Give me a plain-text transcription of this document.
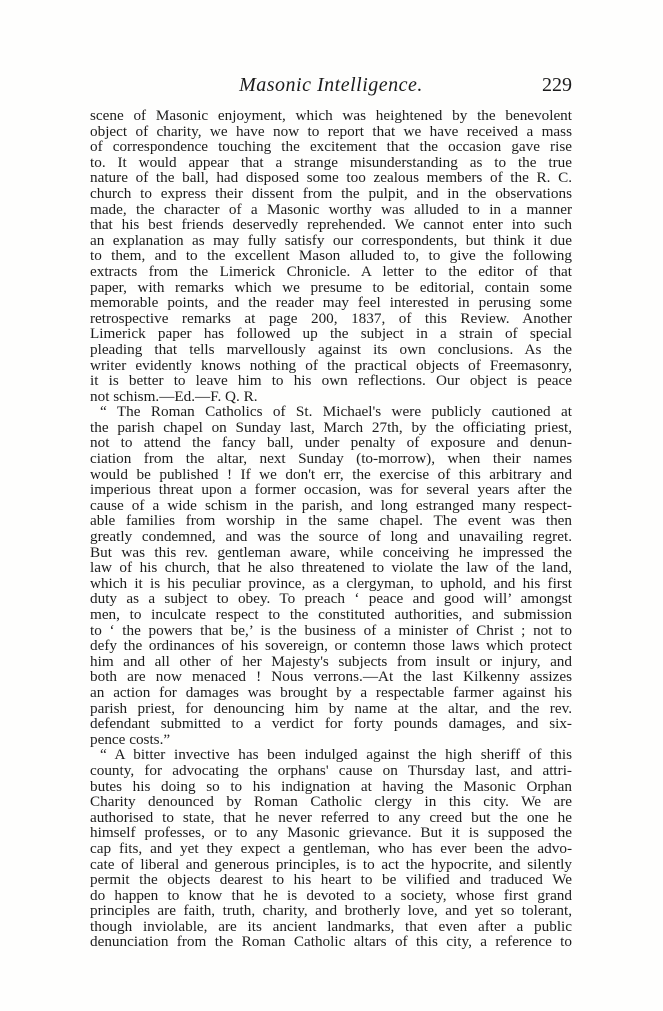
Masonic Intelligence.	229
scene of Masonic enjoyment, which was heightened by the benevolent
object of charity, we have now to report that we have received a mass
of correspondence touching the excitement that the occasion gave rise
to. It would appear that a strange misunderstanding as to the true
nature of the ball, had disposed some too zealous members of the R. C.
church to express their dissent from the pulpit, and in the observations
made, the character of a Masonic worthy was alluded to in a manner
that his best friends deservedly reprehended. We cannot enter into such
an explanation as may fully satisfy our correspondents, but think it due
to them, and to the excellent Mason alluded to, to give the following
extracts from the Limerick Chronicle. A letter to the editor of that
paper, with remarks which we presume to be editorial, contain some
memorable points, and the reader may feel interested in perusing some
retrospective remarks at page 200, 1837, of this Review. Another
Limerick paper has followed up the subject in a strain of special
pleading that tells marvellously against its own conclusions. As the
writer evidently knows nothing of the practical objects of Freemasonry,
it is better to leave him to his own reflections. Our object is peace
not schism.—Ed.—F. Q. R.
“ The Roman Catholics of St. Michael's were publicly cautioned at
the parish chapel on Sunday last, March 27th, by the officiating priest,
not to attend the fancy ball, under penalty of exposure and denun-
ciation from the altar, next Sunday (to-morrow), when their names
would be published ! If we don't err, the exercise of this arbitrary and
imperious threat upon a former occasion, was for several years after the
cause of a wide schism in the parish, and long estranged many respect-
able families from worship in the same chapel. The event was then
greatly condemned, and was the source of long and unavailing regret.
But was this rev. gentleman aware, while conceiving he impressed the
law of his church, that he also threatened to violate the law of the land,
which it is his peculiar province, as a clergyman, to uphold, and his first
duty as a subject to obey. To preach ‘ peace and good will’ amongst
men, to inculcate respect to the constituted authorities, and submission
to ‘ the powers that be,’ is the business of a minister of Christ ; not to
defy the ordinances of his sovereign, or contemn those laws which protect
him and all other of her Majesty's subjects from insult or injury, and
both are now menaced ! Nous verrons.—At the last Kilkenny assizes
an action for damages was brought by a respectable farmer against his
parish priest, for denouncing him by name at the altar, and the rev.
defendant submitted to a verdict for forty pounds damages, and six-
pence costs.”
“ A bitter invective has been indulged against the high sheriff of this
county, for advocating the orphans' cause on Thursday last, and attri-
butes his doing so to his indignation at having the Masonic Orphan
Charity denounced by Roman Catholic clergy in this city. We are
authorised to state, that he never referred to any creed but the one he
himself professes, or to any Masonic grievance. But it is supposed the
cap fits, and yet they expect a gentleman, who has ever been the advo-
cate of liberal and generous principles, is to act the hypocrite, and silently
permit the objects dearest to his heart to be vilified and traduced We
do happen to know that he is devoted to a society, whose first grand
principles are faith, truth, charity, and brotherly love, and yet so tolerant,
though inviolable, are its ancient landmarks, that even after a public
denunciation from the Roman Catholic altars of this city, a reference to
